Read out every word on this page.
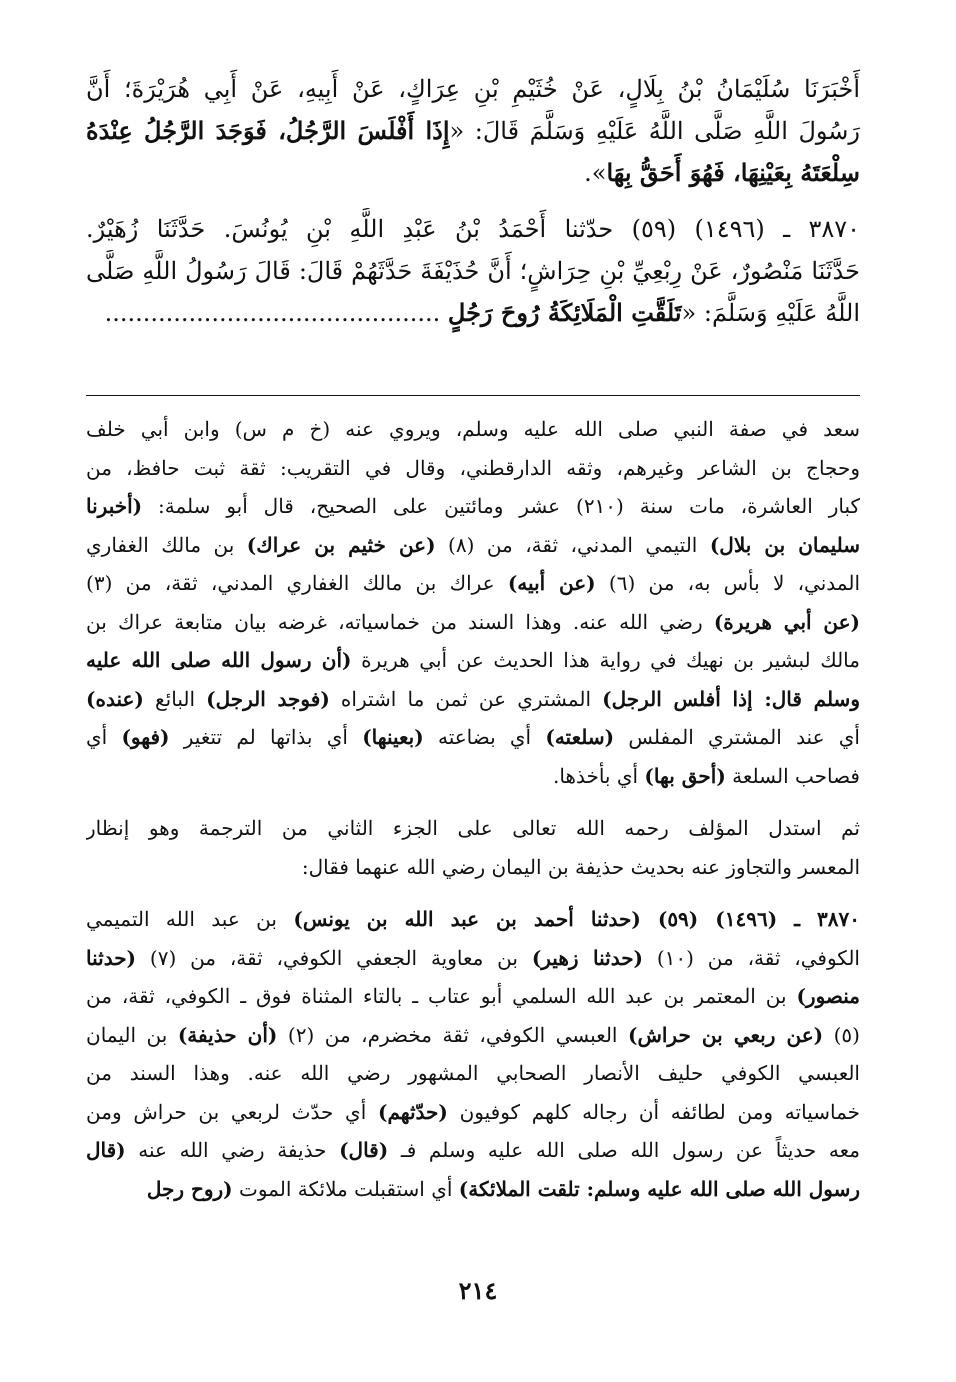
أَخْبَرَنَا سُلَيْمَانُ بْنُ بِلَالٍ، عَنْ خُثَيْمِ بْنِ عِرَاكٍ، عَنْ أَبِيهِ، عَنْ أَبِي هُرَيْرَةَ؛ أَنَّ
رَسُولَ اللَّهِ صَلَّى اللَّهُ عَلَيْهِ وَسَلَّمَ قَالَ: «إِذَا أَفْلَسَ الرَّجُلُ، فَوَجَدَ الرَّجُلُ عِنْدَهُ
سِلْعَتَهُ بِعَيْنِهَا، فَهُوَ أَحَقُّ بِهَا».
٣٨٧٠ ـ (١٤٩٦) (٥٩) حدّثنا أَحْمَدُ بْنُ عَبْدِ اللَّهِ بْنِ يُونُسَ. حَدَّثَنَا زُهَيْرٌ.
حَدَّثَنَا مَنْصُورٌ، عَنْ رِبْعِيِّ بْنِ حِرَاشٍ؛ أَنَّ حُذَيْفَةَ حَدَّثَهُمْ قَالَ: قَالَ رَسُولُ اللَّهِ صَلَّى
اللَّهُ عَلَيْهِ وَسَلَّمَ: «تَلَقَّتِ الْمَلَائِكَةُ رُوحَ رَجُلٍ ............................................
سعد في صفة النبي صلى الله عليه وسلم، ويروي عنه (خ م س) وابن أبي خلف
وحجاج بن الشاعر وغيرهم، وثقه الدارقطني، وقال في التقريب: ثقة ثبت حافظ، من
كبار العاشرة، مات سنة (٢١٠) عشر ومائتين على الصحيح، قال أبو سلمة: (أخبرنا
سليمان بن بلال) التيمي المدني، ثقة، من (٨) (عن خثيم بن عراك) بن مالك الغفاري
المدني، لا بأس به، من (٦) (عن أبيه) عراك بن مالك الغفاري المدني، ثقة، من (٣)
(عن أبي هريرة) رضي الله عنه. وهذا السند من خماسياته، غرضه بيان متابعة عراك بن
مالك لبشير بن نهيك في رواية هذا الحديث عن أبي هريرة (أن رسول الله صلى الله عليه
وسلم قال: إذا أفلس الرجل) المشتري عن ثمن ما اشتراه (فوجد الرجل) البائع (عنده)
أي عند المشتري المفلس (سلعته) أي بضاعته (بعينها) أي بذاتها لم تتغير (فهو) أي
فصاحب السلعة (أحق بها) أي بأخذها.
ثم استدل المؤلف رحمه الله تعالى على الجزء الثاني من الترجمة وهو إنظار
المعسر والتجاوز عنه بحديث حذيفة بن اليمان رضي الله عنهما فقال:
٣٨٧٠ ـ (١٤٩٦) (٥٩) (حدثنا أحمد بن عبد الله بن يونس) بن عبد الله التميمي
الكوفي، ثقة، من (١٠) (حدثنا زهير) بن معاوية الجعفي الكوفي، ثقة، من (٧) (حدثنا
منصور) بن المعتمر بن عبد الله السلمي أبو عتاب ـ بالتاء المثناة فوق ـ الكوفي، ثقة، من
(٥) (عن ربعي بن حراش) العبسي الكوفي، ثقة مخضرم، من (٢) (أن حذيفة) بن اليمان
العبسي الكوفي حليف الأنصار الصحابي المشهور رضي الله عنه. وهذا السند من
خماسياته ومن لطائفه أن رجاله كلهم كوفيون (حدّثهم) أي حدّث لربعي بن حراش ومن
معه حديثاً عن رسول الله صلى الله عليه وسلم فـ (قال) حذيفة رضي الله عنه (قال
رسول الله صلى الله عليه وسلم: تلقت الملائكة) أي استقبلت ملائكة الموت (روح رجل
٢١٤
